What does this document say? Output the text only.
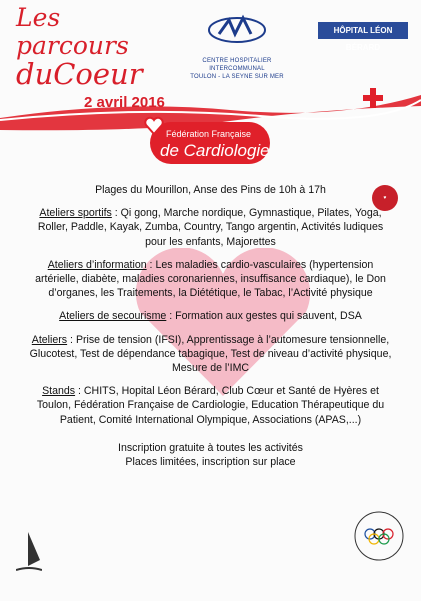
Les
parcours
duCoeur
2 avril 2016
CENTRE HOSPITALIER INTERCOMMUNAL
TOULON - LA SEYNE SUR MER
HÔPITAL LÉON BÉRARD
Fédération Française
de Cardiologie
♥

Plages du Mourillon, Anse des Pins de 10h à 17h

Ateliers sportifs : Qi gong, Marche nordique, Gymnastique, Pilates, Yoga, Roller, Paddle, Kayak, Zumba, Country, Tango argentin, Activités ludiques pour les enfants, Majorettes

Ateliers d’information : Les maladies cardio-vasculaires (hypertension artérielle, diabète, maladies coronariennes, insuffisance cardiaque), le Don d’organes, les Traitements, la Diététique, le Tabac, l’Activité physique

Ateliers de secourisme : Formation aux gestes qui sauvent, DSA

Ateliers : Prise de tension (IFSI), Apprentissage à l’automesure tensionnelle, Glucotest, Test de dépendance tabagique, Test de niveau d’activité physique, Mesure de l’IMC

Stands : CHITS, Hopital Léon Bérard, Club Cœur et Santé de Hyères et Toulon, Fédération Française de Cardiologie, Education Thérapeutique du Patient, Comité International Olympique, Associations (APAS,...)

Inscription gratuite à toutes les activités

Places limitées, inscription sur place
